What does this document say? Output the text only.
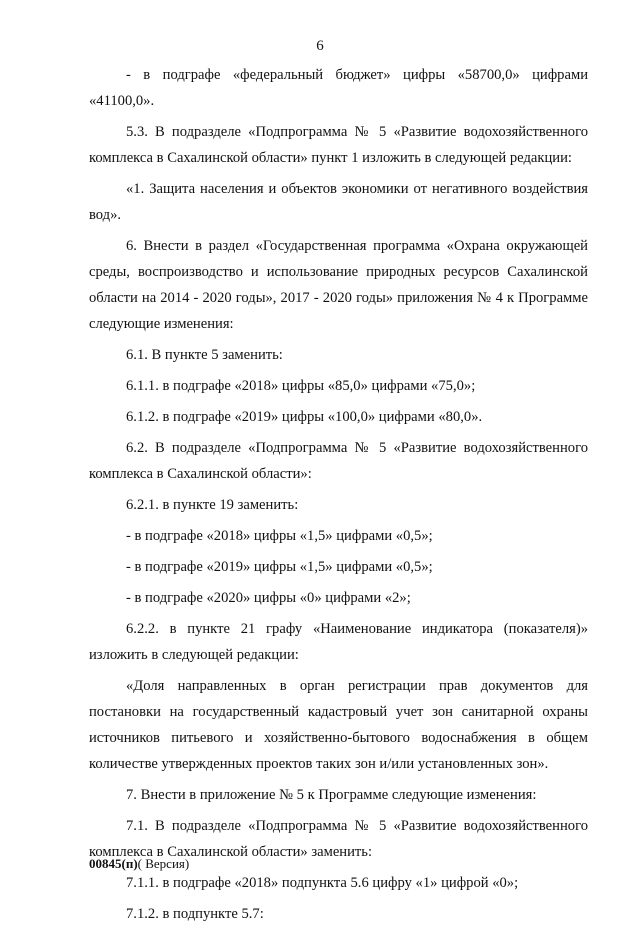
6

- в подграфе «федеральный бюджет» цифры «58700,0» цифрами «41100,0».

5.3. В подразделе «Подпрограмма № 5 «Развитие водохозяйственного комплекса в Сахалинской области» пункт 1 изложить в следующей редакции:

«1. Защита населения и объектов экономики от негативного воздействия вод».

6. Внести в раздел «Государственная программа «Охрана окружающей среды, воспроизводство и использование природных ресурсов Сахалинской области на 2014 - 2020 годы», 2017 - 2020 годы» приложения № 4 к Программе следующие изменения:

6.1. В пункте 5 заменить:

6.1.1. в подграфе «2018» цифры «85,0» цифрами «75,0»;

6.1.2. в подграфе «2019» цифры «100,0» цифрами «80,0».

6.2. В подразделе «Подпрограмма № 5 «Развитие водохозяйственного комплекса в Сахалинской области»:

6.2.1. в пункте 19 заменить:

- в подграфе «2018» цифры «1,5» цифрами «0,5»;

- в подграфе «2019» цифры «1,5» цифрами «0,5»;

- в подграфе «2020» цифры «0» цифрами «2»;

6.2.2. в пункте 21 графу «Наименование индикатора (показателя)» изложить в следующей редакции:

«Доля направленных в орган регистрации прав документов для постановки на государственный кадастровый учет зон санитарной охраны источников питьевого и хозяйственно-бытового водоснабжения в общем количестве утвержденных проектов таких зон и/или установленных зон».

7. Внести в приложение № 5 к Программе следующие изменения:

7.1. В подразделе «Подпрограмма № 5 «Развитие водохозяйственного комплекса в Сахалинской области» заменить:

7.1.1. в подграфе «2018» подпункта 5.6 цифру «1» цифрой «0»;

7.1.2. в подпункте 5.7:

00845(п)( Версия)
